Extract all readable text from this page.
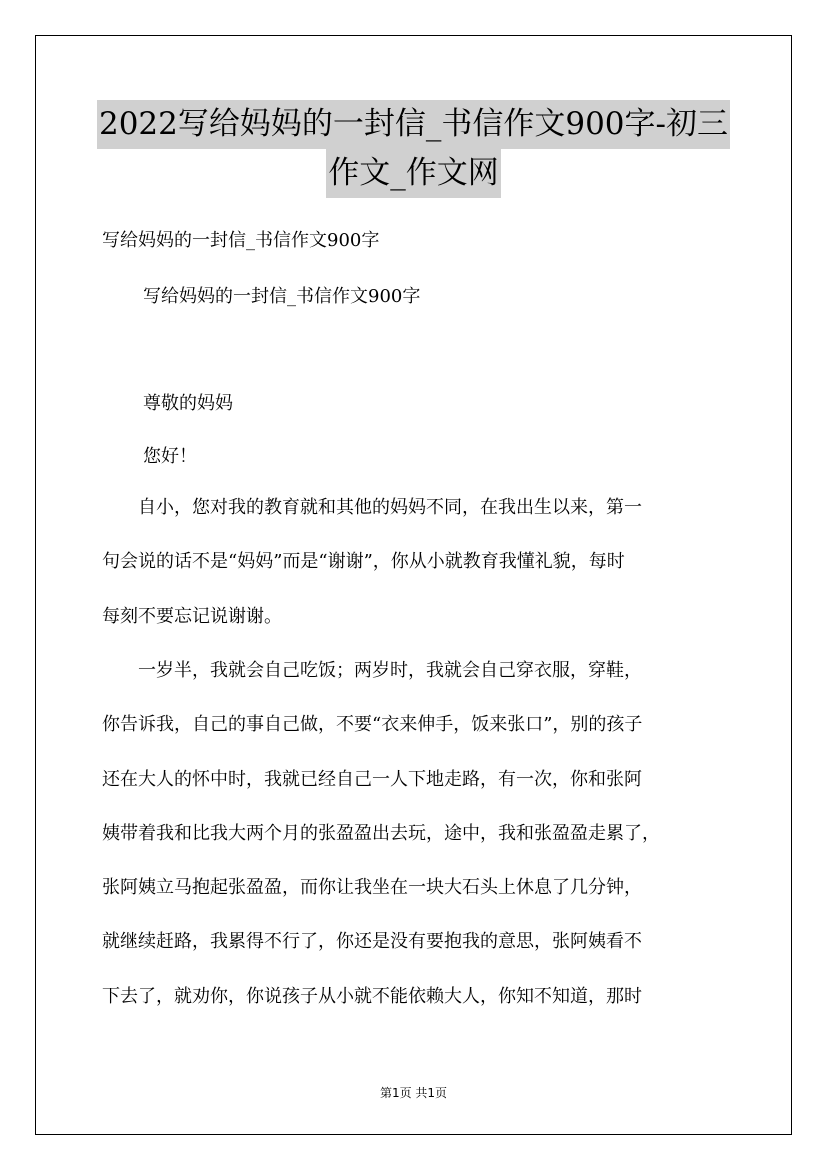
2022写给妈妈的一封信_书信作文900字-初三
作文_作文网

写给妈妈的一封信_书信作文900字

写给妈妈的一封信_书信作文900字

尊敬的妈妈

您好！

　　自小，您对我的教育就和其他的妈妈不同，在我出生以来，第一
句会说的话不是“妈妈”而是“谢谢”，你从小就教育我懂礼貌，每时
每刻不要忘记说谢谢。
　　一岁半，我就会自己吃饭；两岁时，我就会自己穿衣服，穿鞋，
你告诉我，自己的事自己做，不要“衣来伸手，饭来张口”，别的孩子
还在大人的怀中时，我就已经自己一人下地走路，有一次，你和张阿
姨带着我和比我大两个月的张盈盈出去玩，途中，我和张盈盈走累了，
张阿姨立马抱起张盈盈，而你让我坐在一块大石头上休息了几分钟，
就继续赶路，我累得不行了，你还是没有要抱我的意思，张阿姨看不
下去了，就劝你，你说孩子从小就不能依赖大人，你知不知道，那时
第1页 共1页
